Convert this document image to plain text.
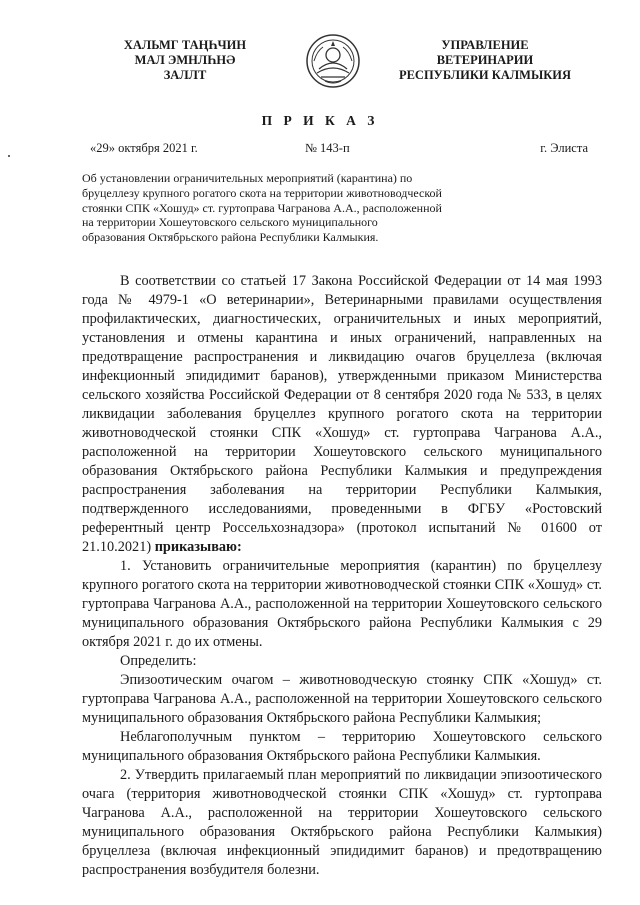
ХАЛЬМГ ТАҢҺЧИН
МАЛ ЭМНЛҺНӘ
ЗАЛЛТ
УПРАВЛЕНИЕ
ВЕТЕРИНАРИИ
РЕСПУБЛИКИ КАЛМЫКИЯ
П Р И К А З
«29» октября 2021 г.	№ 143-п	г. Элиста
Об установлении ограничительных мероприятий (карантина) по бруцеллезу крупного рогатого скота на территории животноводческой стоянки СПК «Хошуд» ст. гуртоправа Чагранова А.А., расположенной на территории Хошеутовского сельского муниципального образования Октябрьского района Республики Калмыкия.

В соответствии со статьей 17 Закона Российской Федерации от 14 мая 1993 года № 4979-1 «О ветеринарии», Ветеринарными правилами осуществления профилактических, диагностических, ограничительных и иных мероприятий, установления и отмены карантина и иных ограничений, направленных на предотвращение распространения и ликвидацию очагов бруцеллеза (включая инфекционный эпидидимит баранов), утвержденными приказом Министерства сельского хозяйства Российской Федерации от 8 сентября 2020 года № 533, в целях ликвидации заболевания бруцеллез крупного рогатого скота на территории животноводческой стоянки СПК «Хошуд» ст. гуртоправа Чагранова А.А., расположенной на территории Хошеутовского сельского муниципального образования Октябрьского района Республики Калмыкия и предупреждения распространения заболевания на территории Республики Калмыкия, подтвержденного исследованиями, проведенными в ФГБУ «Ростовский референтный центр Россельхознадзора» (протокол испытаний № 01600 от 21.10.2021) приказываю:

1. Установить ограничительные мероприятия (карантин) по бруцеллезу крупного рогатого скота на территории животноводческой стоянки СПК «Хошуд» ст. гуртоправа Чагранова А.А., расположенной на территории Хошеутовского сельского муниципального образования Октябрьского района Республики Калмыкия с 29 октября 2021 г. до их отмены.

Определить:

Эпизоотическим очагом – животноводческую стоянку СПК «Хошуд» ст. гуртоправа Чагранова А.А., расположенной на территории Хошеутовского сельского муниципального образования Октябрьского района Республики Калмыкия;

Неблагополучным пунктом – территорию Хошеутовского сельского муниципального образования Октябрьского района Республики Калмыкия.

2. Утвердить прилагаемый план мероприятий по ликвидации эпизоотического очага (территория животноводческой стоянки СПК «Хошуд» ст. гуртоправа Чагранова А.А., расположенной на территории Хошеутовского сельского муниципального образования Октябрьского района Республики Калмыкия) бруцеллеза (включая инфекционный эпидидимит баранов) и предотвращению распространения возбудителя болезни.
